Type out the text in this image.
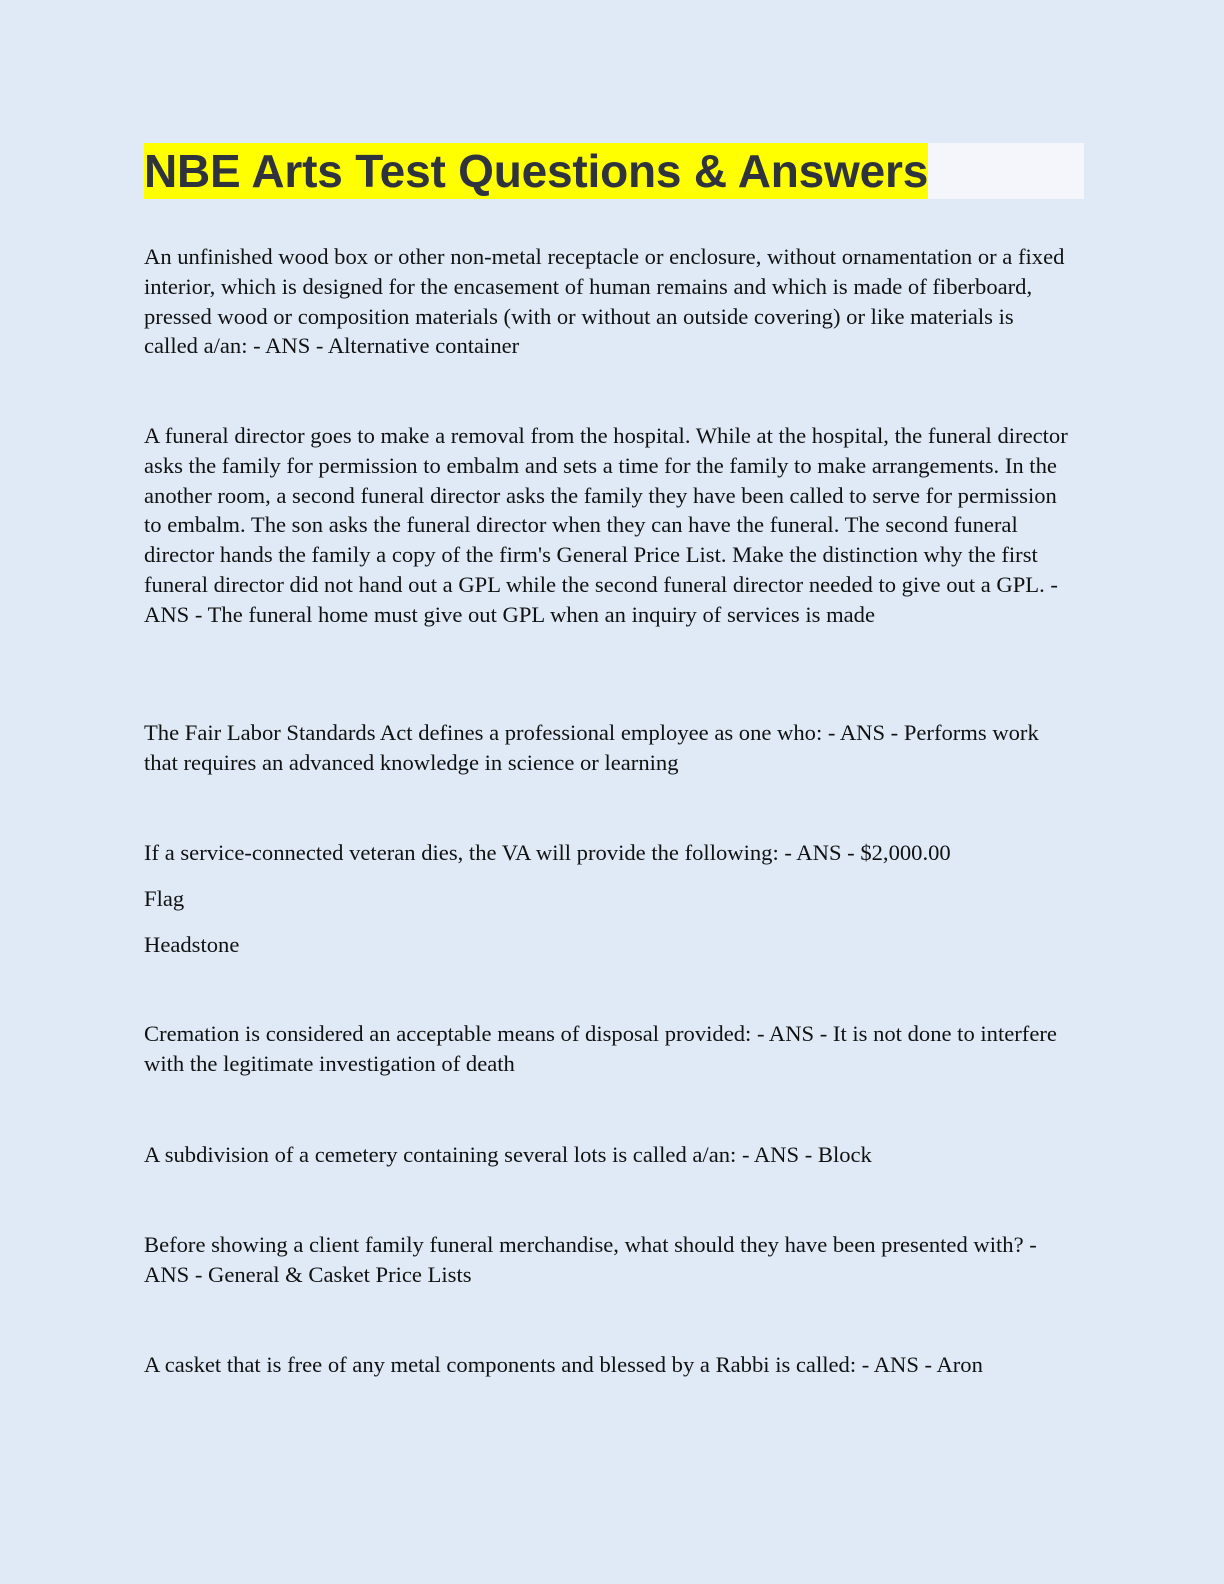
NBE Arts Test Questions & Answers

An unfinished wood box or other non-metal receptacle or enclosure, without ornamentation or a fixed interior, which is designed for the encasement of human remains and which is made of fiberboard, pressed wood or composition materials (with or without an outside covering) or like materials is called a/an: - ANS - Alternative container

A funeral director goes to make a removal from the hospital. While at the hospital, the funeral director asks the family for permission to embalm and sets a time for the family to make arrangements. In the another room, a second funeral director asks the family they have been called to serve for permission to embalm. The son asks the funeral director when they can have the funeral. The second funeral director hands the family a copy of the firm's General Price List. Make the distinction why the first funeral director did not hand out a GPL while the second funeral director needed to give out a GPL. - ANS - The funeral home must give out GPL when an inquiry of services is made

The Fair Labor Standards Act defines a professional employee as one who: - ANS - Performs work that requires an advanced knowledge in science or learning

If a service-connected veteran dies, the VA will provide the following: - ANS - $2,000.00

Flag
Headstone

Cremation is considered an acceptable means of disposal provided: - ANS - It is not done to interfere with the legitimate investigation of death

A subdivision of a cemetery containing several lots is called a/an: - ANS - Block

Before showing a client family funeral merchandise, what should they have been presented with? - ANS - General & Casket Price Lists

A casket that is free of any metal components and blessed by a Rabbi is called: - ANS - Aron
